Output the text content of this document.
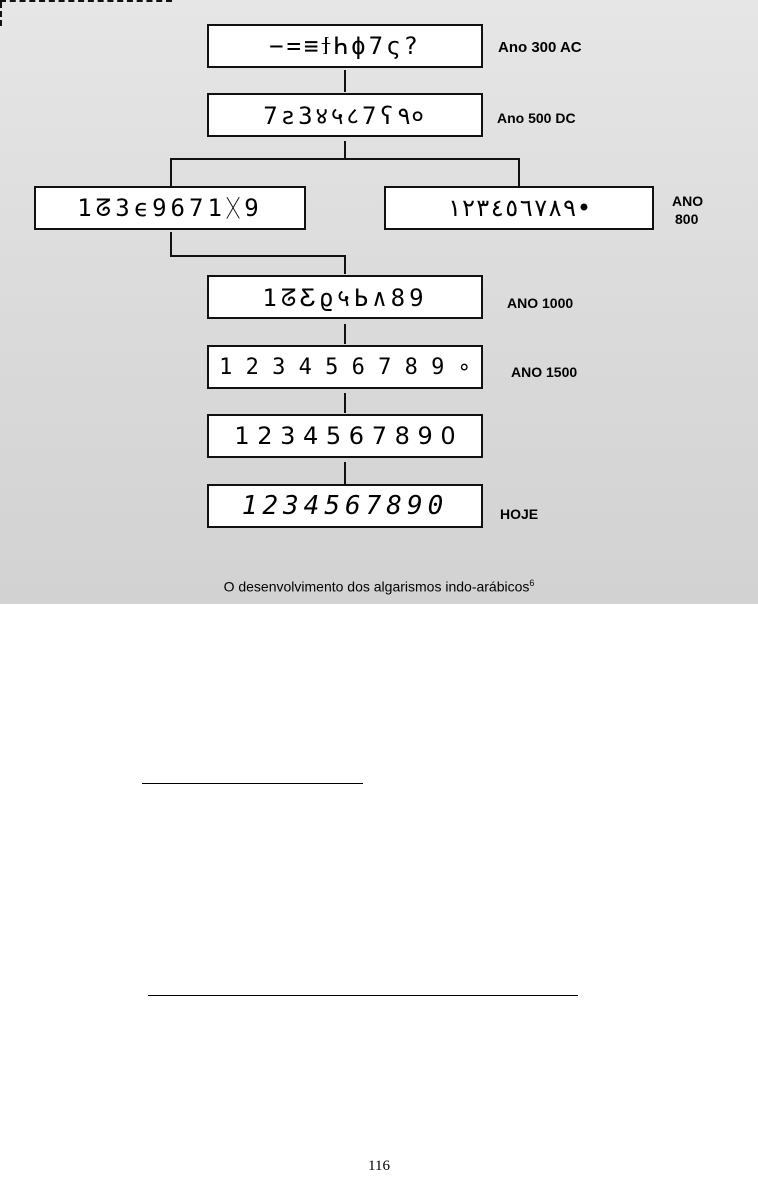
−=≡ϯҺϕ7ς?	Ano 300 AC
7ƨ3४५८7ʕ٩०	Ano 500 DC
1ᘔ3ϵ9671ᚷ9	١٢٣٤٥٦٧٨٩•	ANO
800
1ᘔƸϱ५Ь∧89	ANO 1000
1 2 3 4 5 6 7 8 9 ∘	ANO 1500
1 2 3 4 5 6 7 8 9 0
1234567890	HOJE
O desenvolvimento dos algarismos indo-arábicos$^6$
116
